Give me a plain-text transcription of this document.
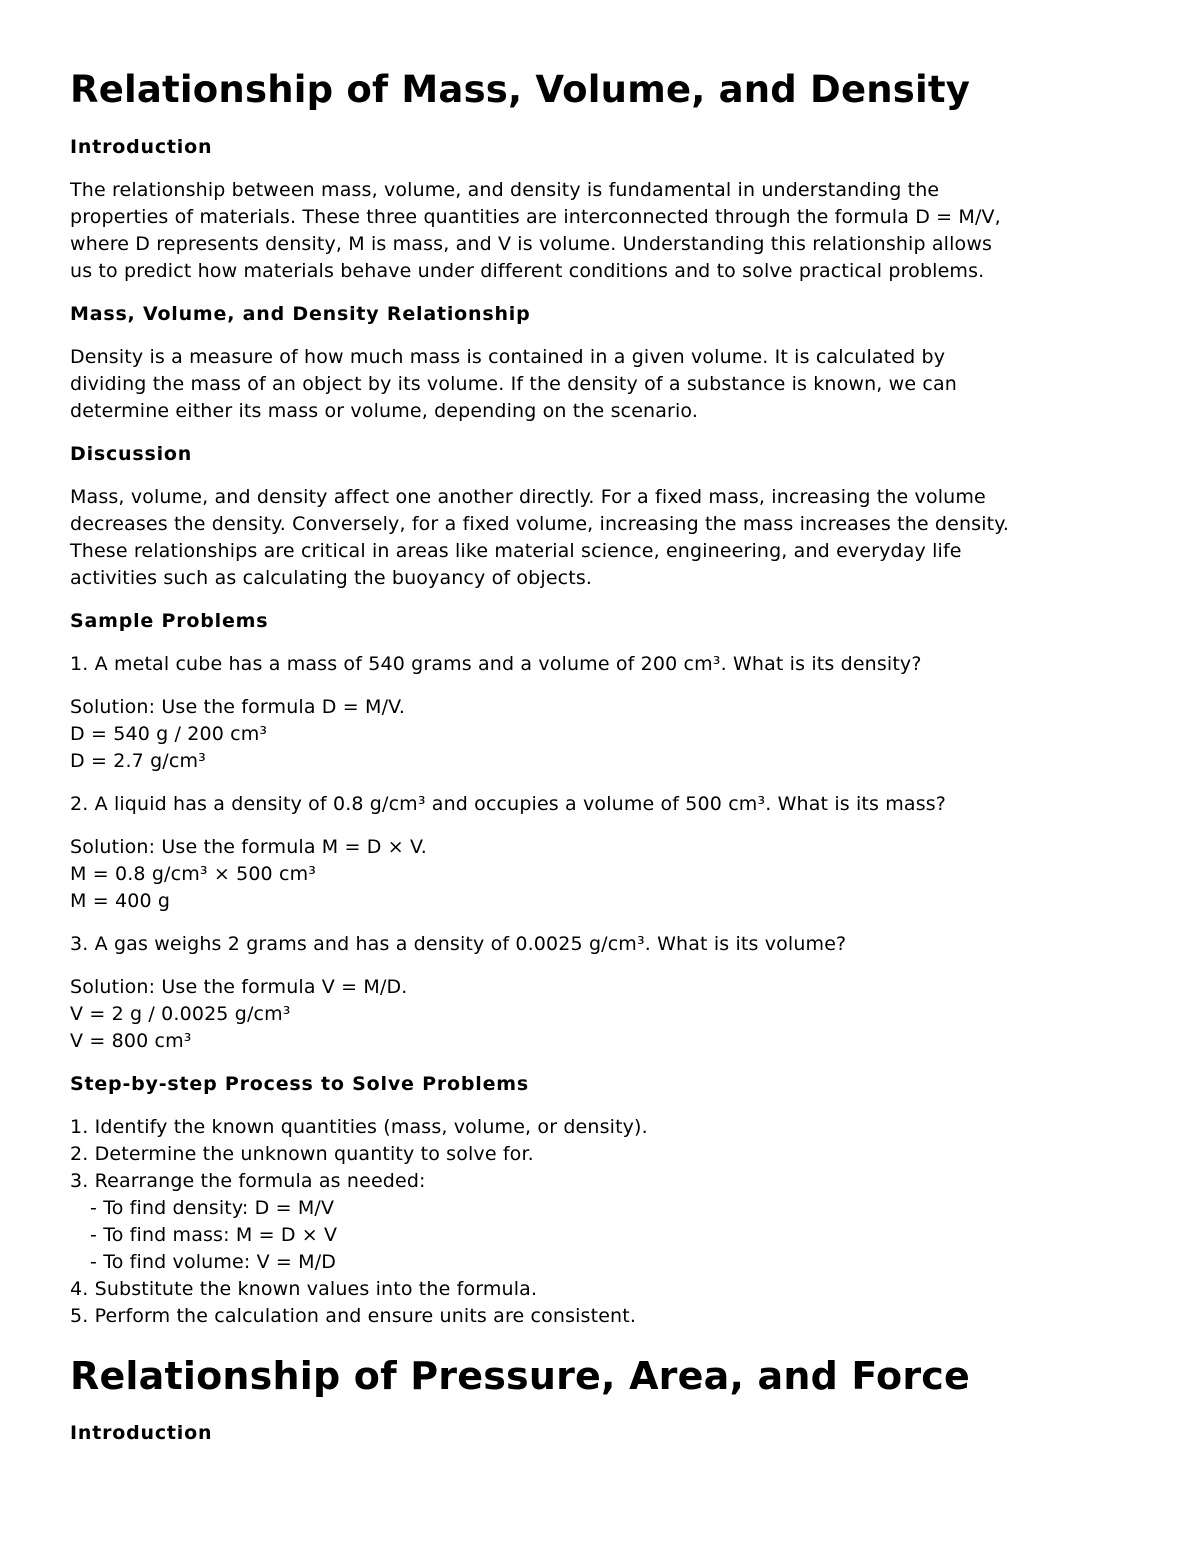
Relationship of Mass, Volume, and Density
Introduction

The relationship between mass, volume, and density is fundamental in understanding the
properties of materials. These three quantities are interconnected through the formula D = M/V,
where D represents density, M is mass, and V is volume. Understanding this relationship allows
us to predict how materials behave under different conditions and to solve practical problems.

Mass, Volume, and Density Relationship

Density is a measure of how much mass is contained in a given volume. It is calculated by
dividing the mass of an object by its volume. If the density of a substance is known, we can
determine either its mass or volume, depending on the scenario.

Discussion

Mass, volume, and density affect one another directly. For a fixed mass, increasing the volume
decreases the density. Conversely, for a fixed volume, increasing the mass increases the density.
These relationships are critical in areas like material science, engineering, and everyday life
activities such as calculating the buoyancy of objects.

Sample Problems

1. A metal cube has a mass of 540 grams and a volume of 200 cm³. What is its density?

Solution: Use the formula D = M/V.
D = 540 g / 200 cm³
D = 2.7 g/cm³

2. A liquid has a density of 0.8 g/cm³ and occupies a volume of 500 cm³. What is its mass?

Solution: Use the formula M = D × V.
M = 0.8 g/cm³ × 500 cm³
M = 400 g

3. A gas weighs 2 grams and has a density of 0.0025 g/cm³. What is its volume?

Solution: Use the formula V = M/D.
V = 2 g / 0.0025 g/cm³
V = 800 cm³

Step-by-step Process to Solve Problems

1. Identify the known quantities (mass, volume, or density).
2. Determine the unknown quantity to solve for.
3. Rearrange the formula as needed:
- To find density: D = M/V
- To find mass: M = D × V
- To find volume: V = M/D
4. Substitute the known values into the formula.
5. Perform the calculation and ensure units are consistent.

Relationship of Pressure, Area, and Force
Introduction
